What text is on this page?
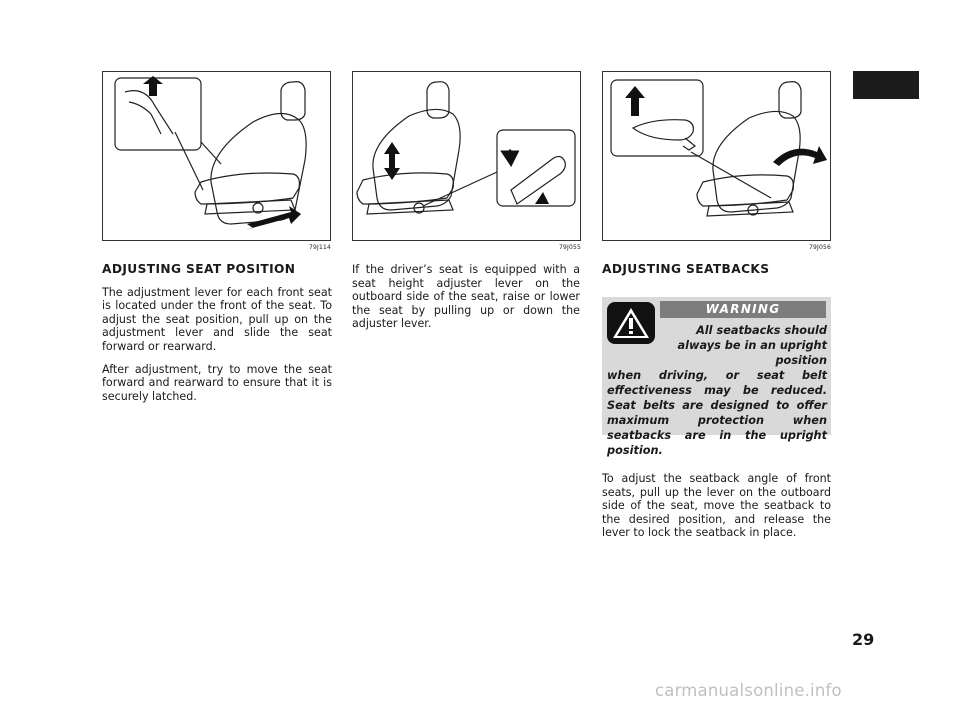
79J114	79J055	79J056
ADJUSTING SEAT POSITION

The adjustment lever for each front seat is located under the front of the seat. To adjust the seat position, pull up on the adjustment lever and slide the seat forward or rearward.

After adjustment, try to move the seat forward and rearward to ensure that it is securely latched.

If the driver’s seat is equipped with a seat height adjuster lever on the outboard side of the seat, raise or lower the seat by pulling up or down the adjuster lever.

ADJUSTING SEATBACKS
WARNING
All seatbacks should always be in an upright position
when driving, or seat belt effectiveness may be reduced. Seat belts are designed to offer maximum protection when seatbacks are in the upright position.

To adjust the seatback angle of front seats, pull up the lever on the outboard side of the seat, move the seatback to the desired position, and release the lever to lock the seatback in place.

29
carmanualsonline.info
